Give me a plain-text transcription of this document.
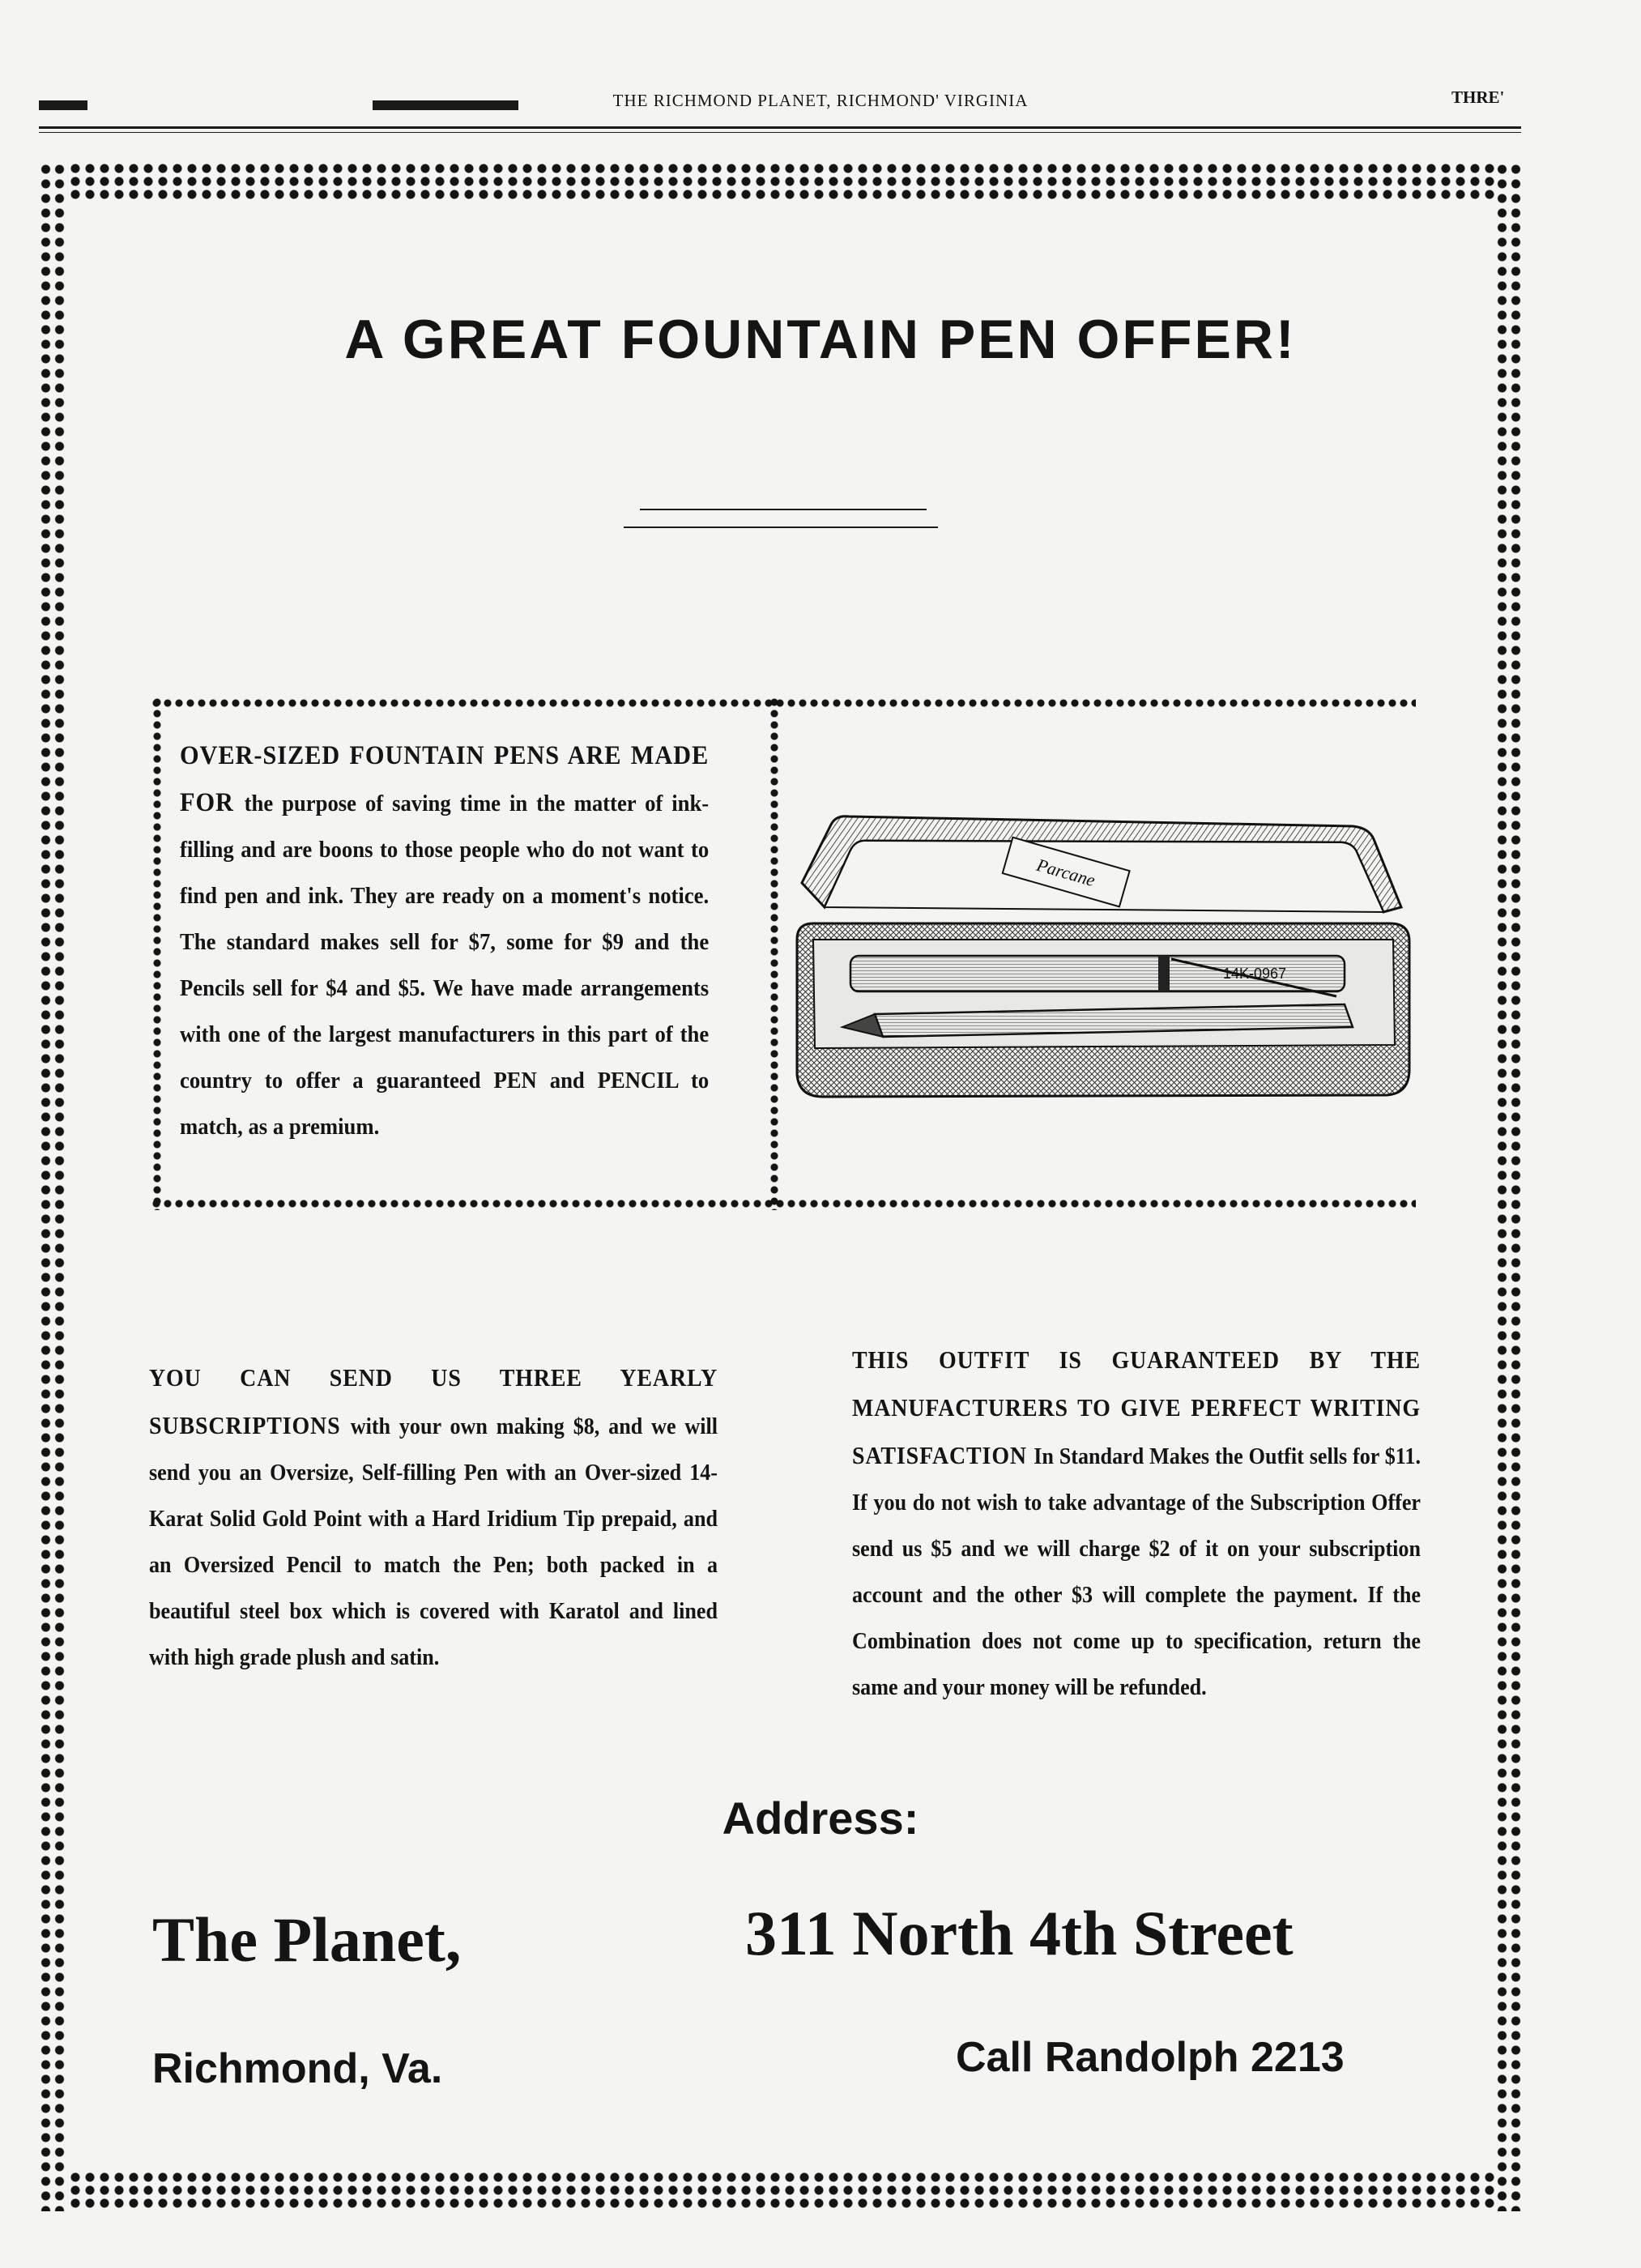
THE RICHMOND PLANET, RICHMOND' VIRGINIA	THRE'
A GREAT FOUNTAIN PEN OFFER!
OVER-SIZED FOUNTAIN PENS ARE MADE FOR the purpose of saving time in the matter of ink-filling and are boons to those people who do not want to find pen and ink. They are ready on a moment's notice. The standard makes sell for $7, some for $9 and the Pencils sell for $4 and $5. We have made arrangements with one of the largest manufacturers in this part of the country to offer a guaranteed PEN and PENCIL to match, as a premium.
Parcane
14K-0967
YOU CAN SEND US THREE YEARLY SUBSCRIPTIONS with your own making $8, and we will send you an Oversize, Self-filling Pen with an Over-sized 14-Karat Solid Gold Point with a Hard Iridium Tip prepaid, and an Oversized Pencil to match the Pen; both packed in a beautiful steel box which is covered with Karatol and lined with high grade plush and satin.
THIS OUTFIT IS GUARANTEED BY THE MANUFACTURERS TO GIVE PERFECT WRITING SATISFACTION In Standard Makes the Outfit sells for $11. If you do not wish to take advantage of the Subscription Offer send us $5 and we will charge $2 of it on your subscription account and the other $3 will complete the payment. If the Combination does not come up to specification, return the same and your money will be refunded.
Address:
The Planet,	311 North 4th Street
Richmond, Va.	Call Randolph 2213
